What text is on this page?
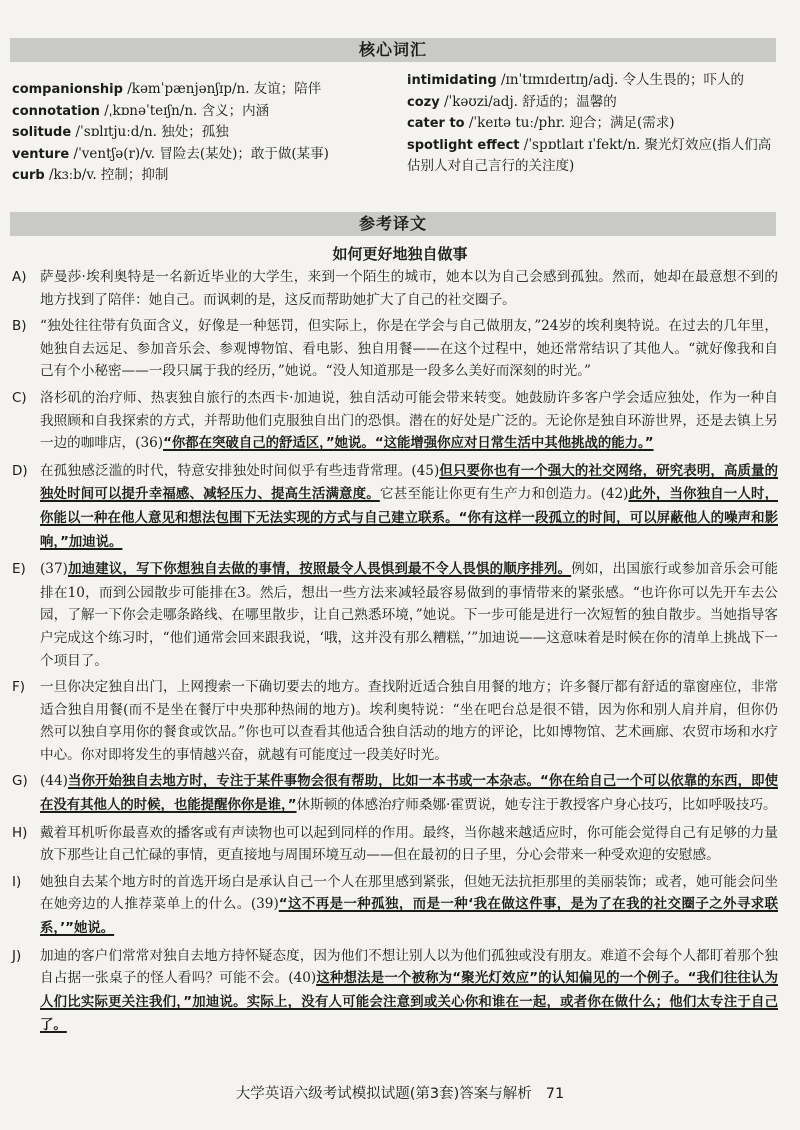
核心词汇
companionship /kəmˈpænjənʃɪp/n. 友谊；陪伴
connotation /ˌkɒnəˈteɪʃn/n. 含义；内涵
solitude /ˈsɒlɪtjuːd/n. 独处；孤独
venture /ˈventʃə(r)/v. 冒险去(某处)；敢于做(某事)
curb /kɜːb/v. 控制；抑制
intimidating /ɪnˈtɪmɪdeɪtɪŋ/adj. 令人生畏的；吓人的
cozy /ˈkəʊzi/adj. 舒适的；温馨的
cater to /ˈkeɪtə tuː/phr. 迎合；满足(需求)
spotlight effect /ˈspɒtlaɪt ɪˈfekt/n. 聚光灯效应(指人们高估别人对自己言行的关注度)
参考译文
如何更好地独自做事
A) 萨曼莎·埃利奥特是一名新近毕业的大学生，来到一个陌生的城市，她本以为自己会感到孤独。然而，她却在最意想不到的地方找到了陪伴：她自己。而讽刺的是，这反而帮助她扩大了自己的社交圈子。
B) “独处往往带有负面含义，好像是一种惩罚，但实际上，你是在学会与自己做朋友，”24岁的埃利奥特说。在过去的几年里，她独自去远足、参加音乐会、参观博物馆、看电影、独自用餐——在这个过程中，她还常常结识了其他人。“就好像我和自己有个小秘密——一段只属于我的经历，”她说。“没人知道那是一段多么美好而深刻的时光。”
C) 洛杉矶的治疗师、热衷独自旅行的杰西卡·加迪说，独自活动可能会带来转变。她鼓励许多客户学会适应独处，作为一种自我照顾和自我探索的方式，并帮助他们克服独自出门的恐惧。潜在的好处是广泛的。无论你是独自环游世界，还是去镇上另一边的咖啡店，(36)“你都在突破自己的舒适区，”她说。“这能增强你应对日常生活中其他挑战的能力。”
D) 在孤独感泛滥的时代，特意安排独处时间似乎有些违背常理。(45)但只要你也有一个强大的社交网络，研究表明，高质量的独处时间可以提升幸福感、减轻压力、提高生活满意度。它甚至能让你更有生产力和创造力。(42)此外，当你独自一人时，你能以一种在他人意见和想法包围下无法实现的方式与自己建立联系。“你有这样一段孤立的时间，可以屏蔽他人的噪声和影响，”加迪说。
E) (37)加迪建议，写下你想独自去做的事情，按照最令人畏惧到最不令人畏惧的顺序排列。例如，出国旅行或参加音乐会可能排在10，而到公园散步可能排在3。然后，想出一些方法来减轻最容易做到的事情带来的紧张感。“也许你可以先开车去公园，了解一下你会走哪条路线、在哪里散步，让自己熟悉环境，”她说。下一步可能是进行一次短暂的独自散步。当她指导客户完成这个练习时，“他们通常会回来跟我说，‘哦，这并没有那么糟糕，’”加迪说——这意味着是时候在你的清单上挑战下一个项目了。
F) 一旦你决定独自出门，上网搜索一下确切要去的地方。查找附近适合独自用餐的地方；许多餐厅都有舒适的靠窗座位，非常适合独自用餐(而不是坐在餐厅中央那种热闹的地方)。埃利奥特说：“坐在吧台总是很不错，因为你和别人肩并肩，但你仍然可以独自享用你的餐食或饮品。”你也可以查看其他适合独自活动的地方的评论，比如博物馆、艺术画廊、农贸市场和水疗中心。你对即将发生的事情越兴奋，就越有可能度过一段美好时光。
G) (44)当你开始独自去地方时，专注于某件事物会很有帮助，比如一本书或一本杂志。“你在给自己一个可以依靠的东西，即使在没有其他人的时候，也能提醒你你是谁，”休斯顿的体感治疗师桑娜·霍贾说，她专注于教授客户身心技巧，比如呼吸技巧。
H) 戴着耳机听你最喜欢的播客或有声读物也可以起到同样的作用。最终，当你越来越适应时，你可能会觉得自己有足够的力量放下那些让自己忙碌的事情，更直接地与周围环境互动——但在最初的日子里，分心会带来一种受欢迎的安慰感。
I) 她独自去某个地方时的首选开场白是承认自己一个人在那里感到紧张，但她无法抗拒那里的美丽装饰；或者，她可能会问坐在她旁边的人推荐菜单上的什么。(39)“这不再是一种孤独，而是一种‘我在做这件事，是为了在我的社交圈子之外寻求联系，’”她说。
J) 加迪的客户们常常对独自去地方持怀疑态度，因为他们不想让别人以为他们孤独或没有朋友。难道不会每个人都盯着那个独自占据一张桌子的怪人看吗？可能不会。(40)这种想法是一个被称为“聚光灯效应”的认知偏见的一个例子。“我们往往认为人们比实际更关注我们，”加迪说。实际上，没有人可能会注意到或关心你和谁在一起，或者你在做什么；他们太专注于自己了。
大学英语六级考试模拟试题(第3套)答案与解析 71
